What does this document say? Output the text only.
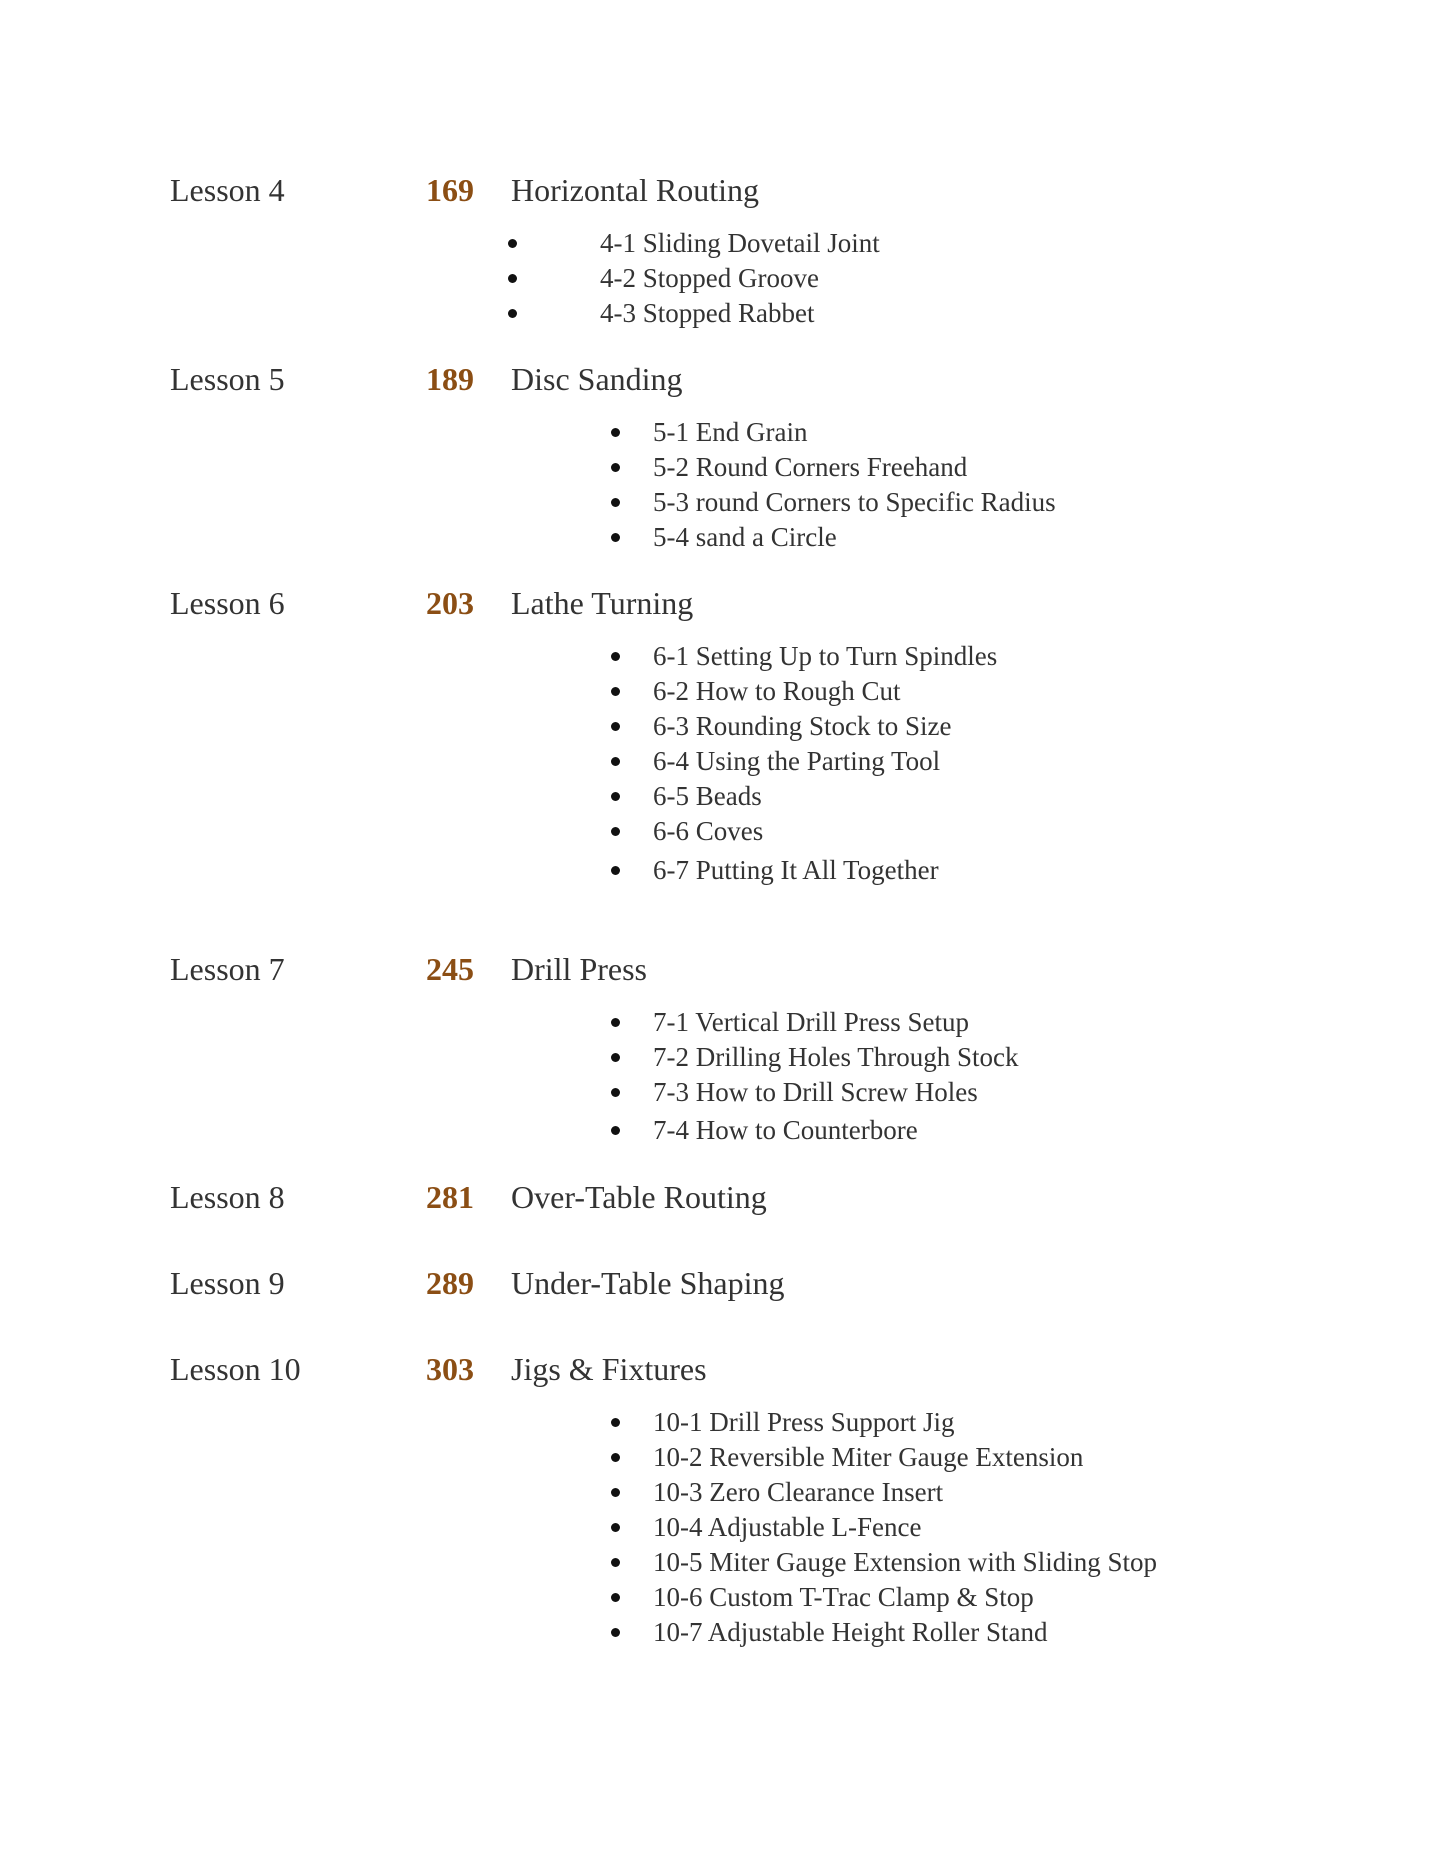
Lesson 4	169 Horizontal Routing
4-1 Sliding Dovetail Joint
4-2 Stopped Groove
4-3 Stopped Rabbet
Lesson 5	189 Disc Sanding
5-1 End Grain
5-2 Round Corners Freehand
5-3 round Corners to Specific Radius
5-4 sand a Circle
Lesson 6	203 Lathe Turning
6-1 Setting Up to Turn Spindles
6-2 How to Rough Cut
6-3 Rounding Stock to Size
6-4 Using the Parting Tool
6-5 Beads
6-6 Coves
6-7 Putting It All Together
Lesson 7	245 Drill Press
7-1 Vertical Drill Press Setup
7-2 Drilling Holes Through Stock
7-3 How to Drill Screw Holes
7-4 How to Counterbore
Lesson 8	281 Over-Table Routing
Lesson 9	289 Under-Table Shaping
Lesson 10	303 Jigs & Fixtures
10-1 Drill Press Support Jig
10-2 Reversible Miter Gauge Extension
10-3 Zero Clearance Insert
10-4 Adjustable L-Fence
10-5 Miter Gauge Extension with Sliding Stop
10-6 Custom T-Trac Clamp & Stop
10-7 Adjustable Height Roller Stand
